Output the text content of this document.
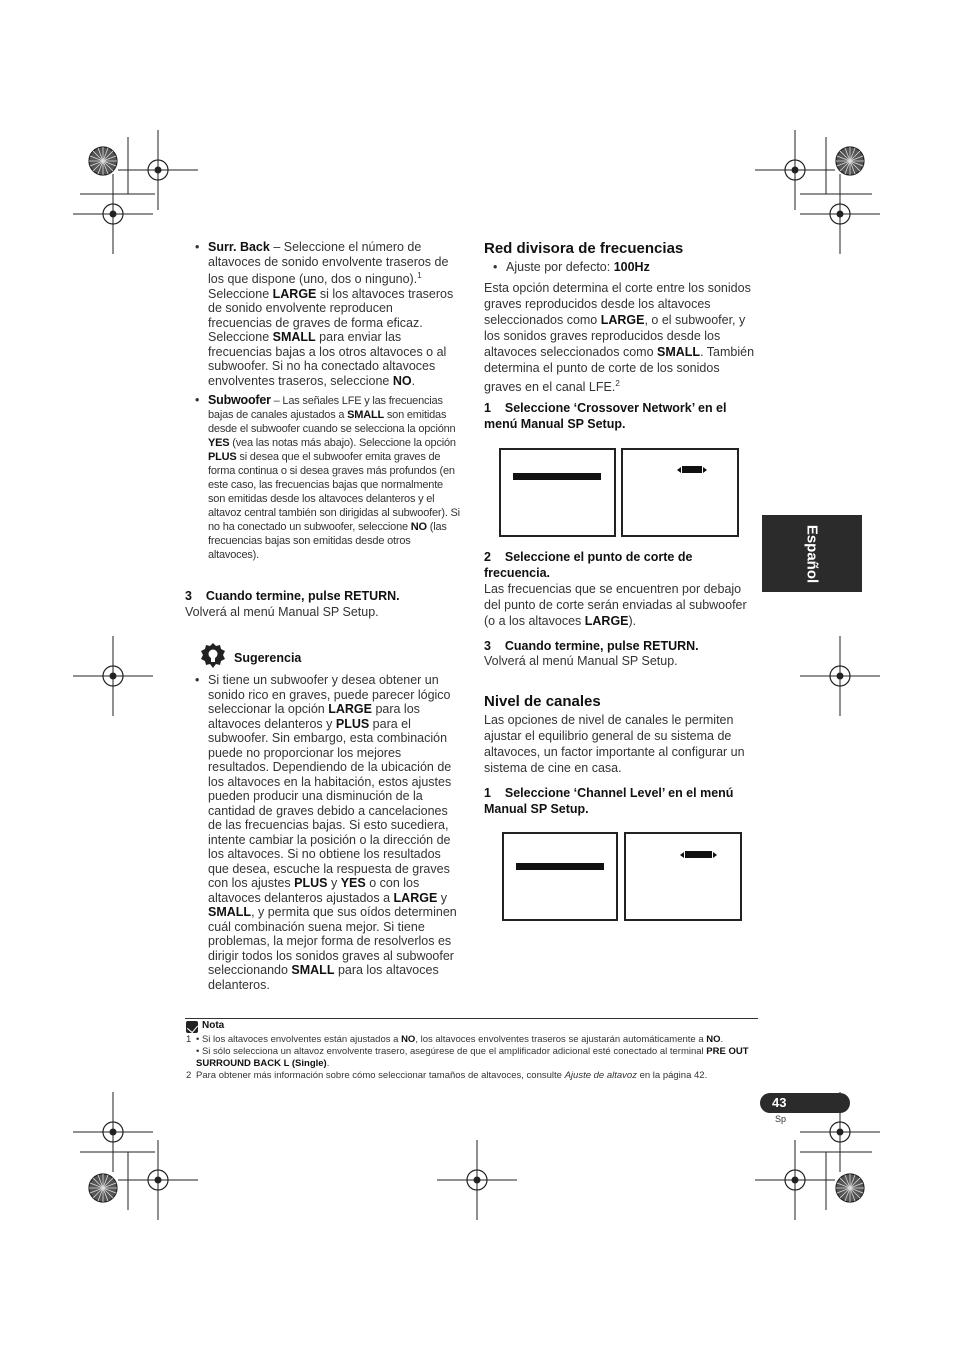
Español
• Surr. Back – Seleccione el número de altavoces de sonido envolvente traseros de los que dispone (uno, dos o ninguno).$^1$ Seleccione LARGE si los altavoces traseros de sonido envolvente reproducen frecuencias de graves de forma eficaz. Seleccione SMALL para enviar las frecuencias bajas a los otros altavoces o al subwoofer. Si no ha conectado altavoces envolventes traseros, seleccione NO.
• Subwoofer – Las señales LFE y las frecuencias bajas de canales ajustados a SMALL son emitidas desde el subwoofer cuando se selecciona la opciónn YES (vea las notas más abajo). Seleccione la opción PLUS si desea que el subwoofer emita graves de forma continua o si desea graves más profundos (en este caso, las frecuencias bajas que normalmente son emitidas desde los altavoces delanteros y el altavoz central también son dirigidas al subwoofer). Si no ha conectado un subwoofer, seleccione NO (las frecuencias bajas son emitidas desde otros altavoces).
3 Cuando termine, pulse RETURN.
Volverá al menú Manual SP Setup.
Sugerencia
• Si tiene un subwoofer y desea obtener un sonido rico en graves, puede parecer lógico seleccionar la opción LARGE para los altavoces delanteros y PLUS para el subwoofer. Sin embargo, esta combinación puede no proporcionar los mejores resultados. Dependiendo de la ubicación de los altavoces en la habitación, estos ajustes pueden producir una disminución de la cantidad de graves debido a cancelaciones de las frecuencias bajas. Si esto sucediera, intente cambiar la posición o la dirección de los altavoces. Si no obtiene los resultados que desea, escuche la respuesta de graves con los ajustes PLUS y YES o con los altavoces delanteros ajustados a LARGE y SMALL, y permita que sus oídos determinen cuál combinación suena mejor. Si tiene problemas, la mejor forma de resolverlos es dirigir todos los sonidos graves al subwoofer seleccionando SMALL para los altavoces delanteros.
Red divisora de frecuencias
• Ajuste por defecto: 100Hz
Esta opción determina el corte entre los sonidos graves reproducidos desde los altavoces seleccionados como LARGE, o el subwoofer, y los sonidos graves reproducidos desde los altavoces seleccionados como SMALL. También determina el punto de corte de los sonidos graves en el canal LFE.$^2$
1 Seleccione ‘Crossover Network’ en el menú Manual SP Setup.
2 Seleccione el punto de corte de frecuencia.
Las frecuencias que se encuentren por debajo del punto de corte serán enviadas al subwoofer (o a los altavoces LARGE).
3 Cuando termine, pulse RETURN.
Volverá al menú Manual SP Setup.
Nivel de canales
Las opciones de nivel de canales le permiten ajustar el equilibrio general de su sistema de altavoces, un factor importante al configurar un sistema de cine en casa.
1 Seleccione ‘Channel Level’ en el menú Manual SP Setup.
Nota
1 • Si los altavoces envolventes están ajustados a NO, los altavoces envolventes traseros se ajustarán automáticamente a NO.
• Si sólo selecciona un altavoz envolvente trasero, asegúrese de que el amplificador adicional esté conectado al terminal PRE OUT SURROUND BACK L (Single).
2 Para obtener más información sobre cómo seleccionar tamaños de altavoces, consulte Ajuste de altavoz en la página 42.
43
Sp
